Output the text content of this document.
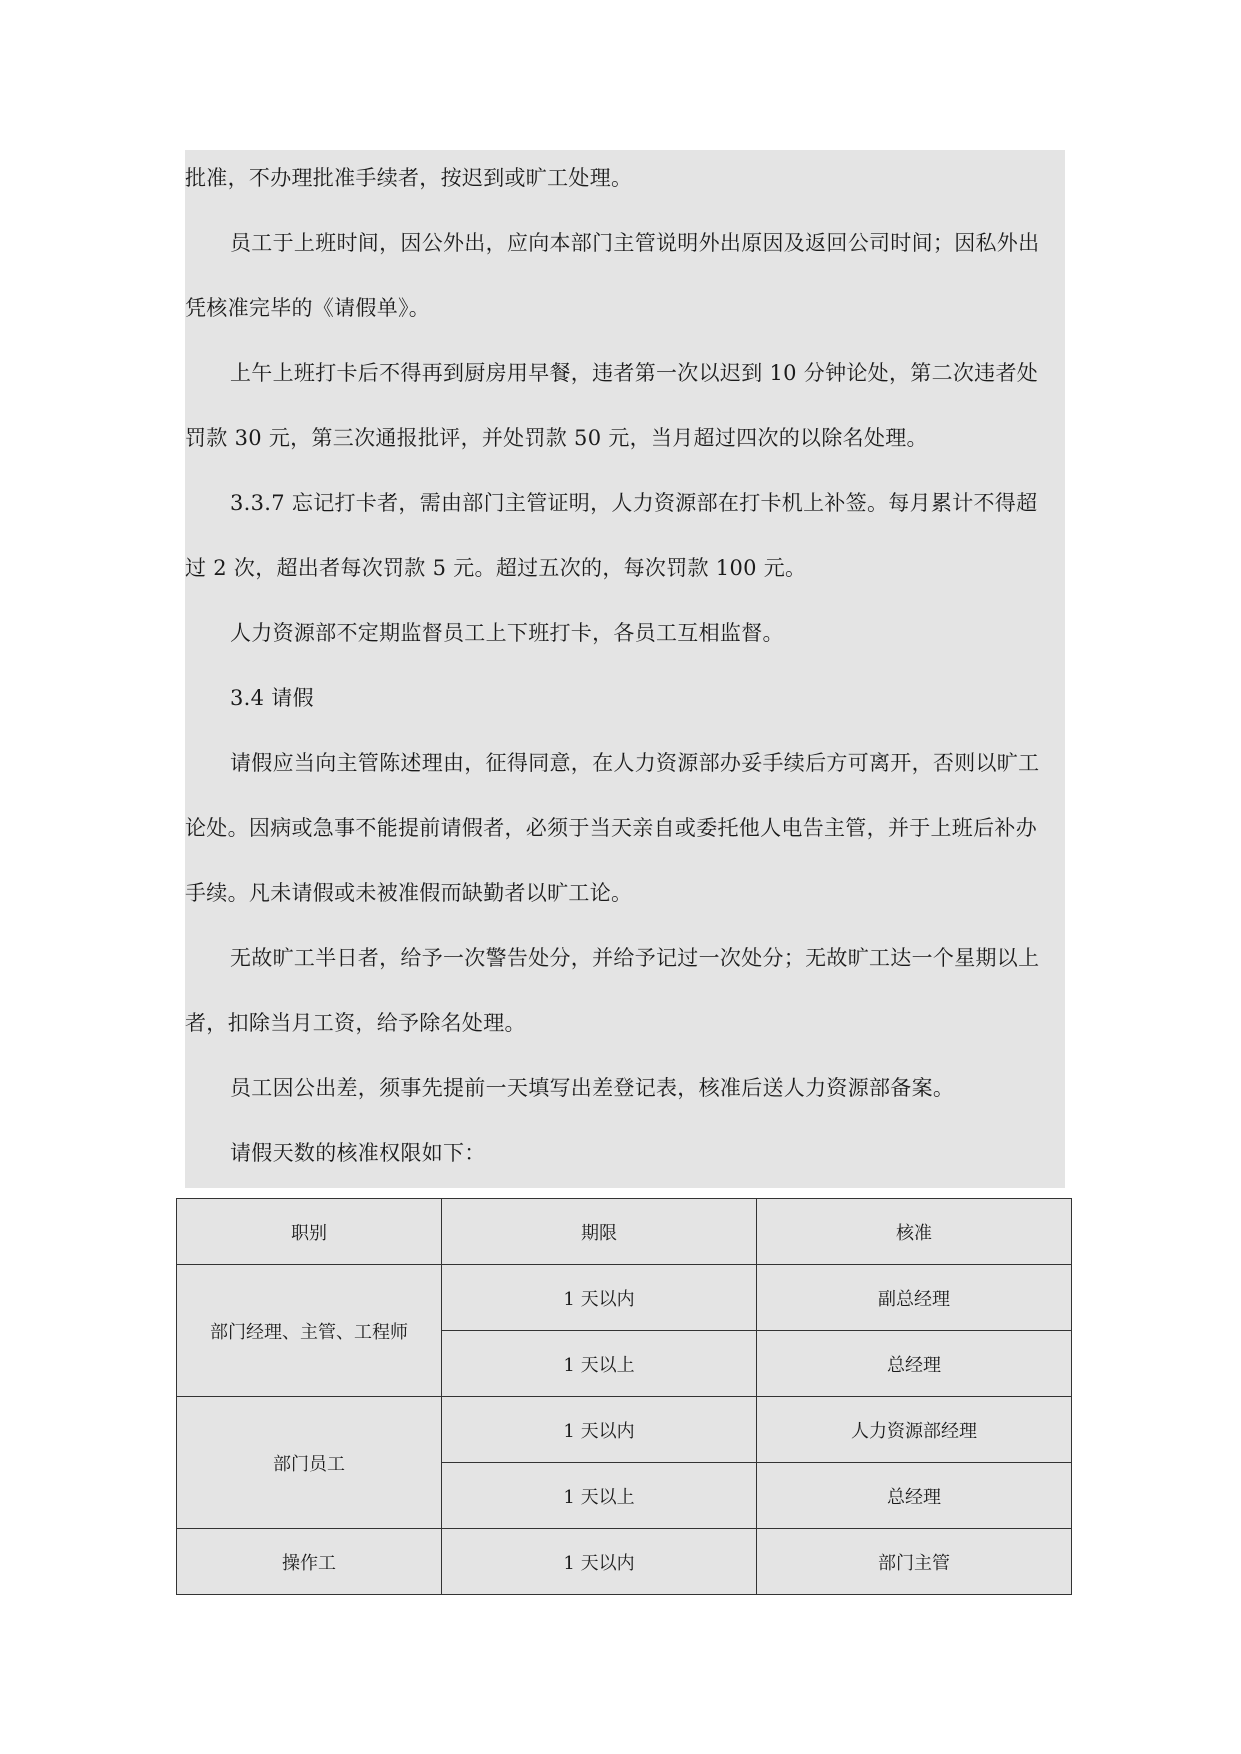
批准，不办理批准手续者，按迟到或旷工处理。
员工于上班时间，因公外出，应向本部门主管说明外出原因及返回公司时间；因私外出
凭核准完毕的《请假单》。
上午上班打卡后不得再到厨房用早餐，违者第一次以迟到 10 分钟论处，第二次违者处
罚款 30 元，第三次通报批评，并处罚款 50 元，当月超过四次的以除名处理。
3.3.7 忘记打卡者，需由部门主管证明，人力资源部在打卡机上补签。每月累计不得超
过 2 次，超出者每次罚款 5 元。超过五次的，每次罚款 100 元。
人力资源部不定期监督员工上下班打卡，各员工互相监督。
3.4 请假
请假应当向主管陈述理由，征得同意，在人力资源部办妥手续后方可离开，否则以旷工
论处。因病或急事不能提前请假者，必须于当天亲自或委托他人电告主管，并于上班后补办
手续。凡未请假或未被准假而缺勤者以旷工论。
无故旷工半日者，给予一次警告处分，并给予记过一次处分；无故旷工达一个星期以上
者，扣除当月工资，给予除名处理。
员工因公出差，须事先提前一天填写出差登记表，核准后送人力资源部备案。
请假天数的核准权限如下：
职别	期限	核准
部门经理、主管、工程师	1 天以内	副总经理
	1 天以上	总经理
部门员工	1 天以内	人力资源部经理
	1 天以上	总经理
操作工	1 天以内	部门主管
